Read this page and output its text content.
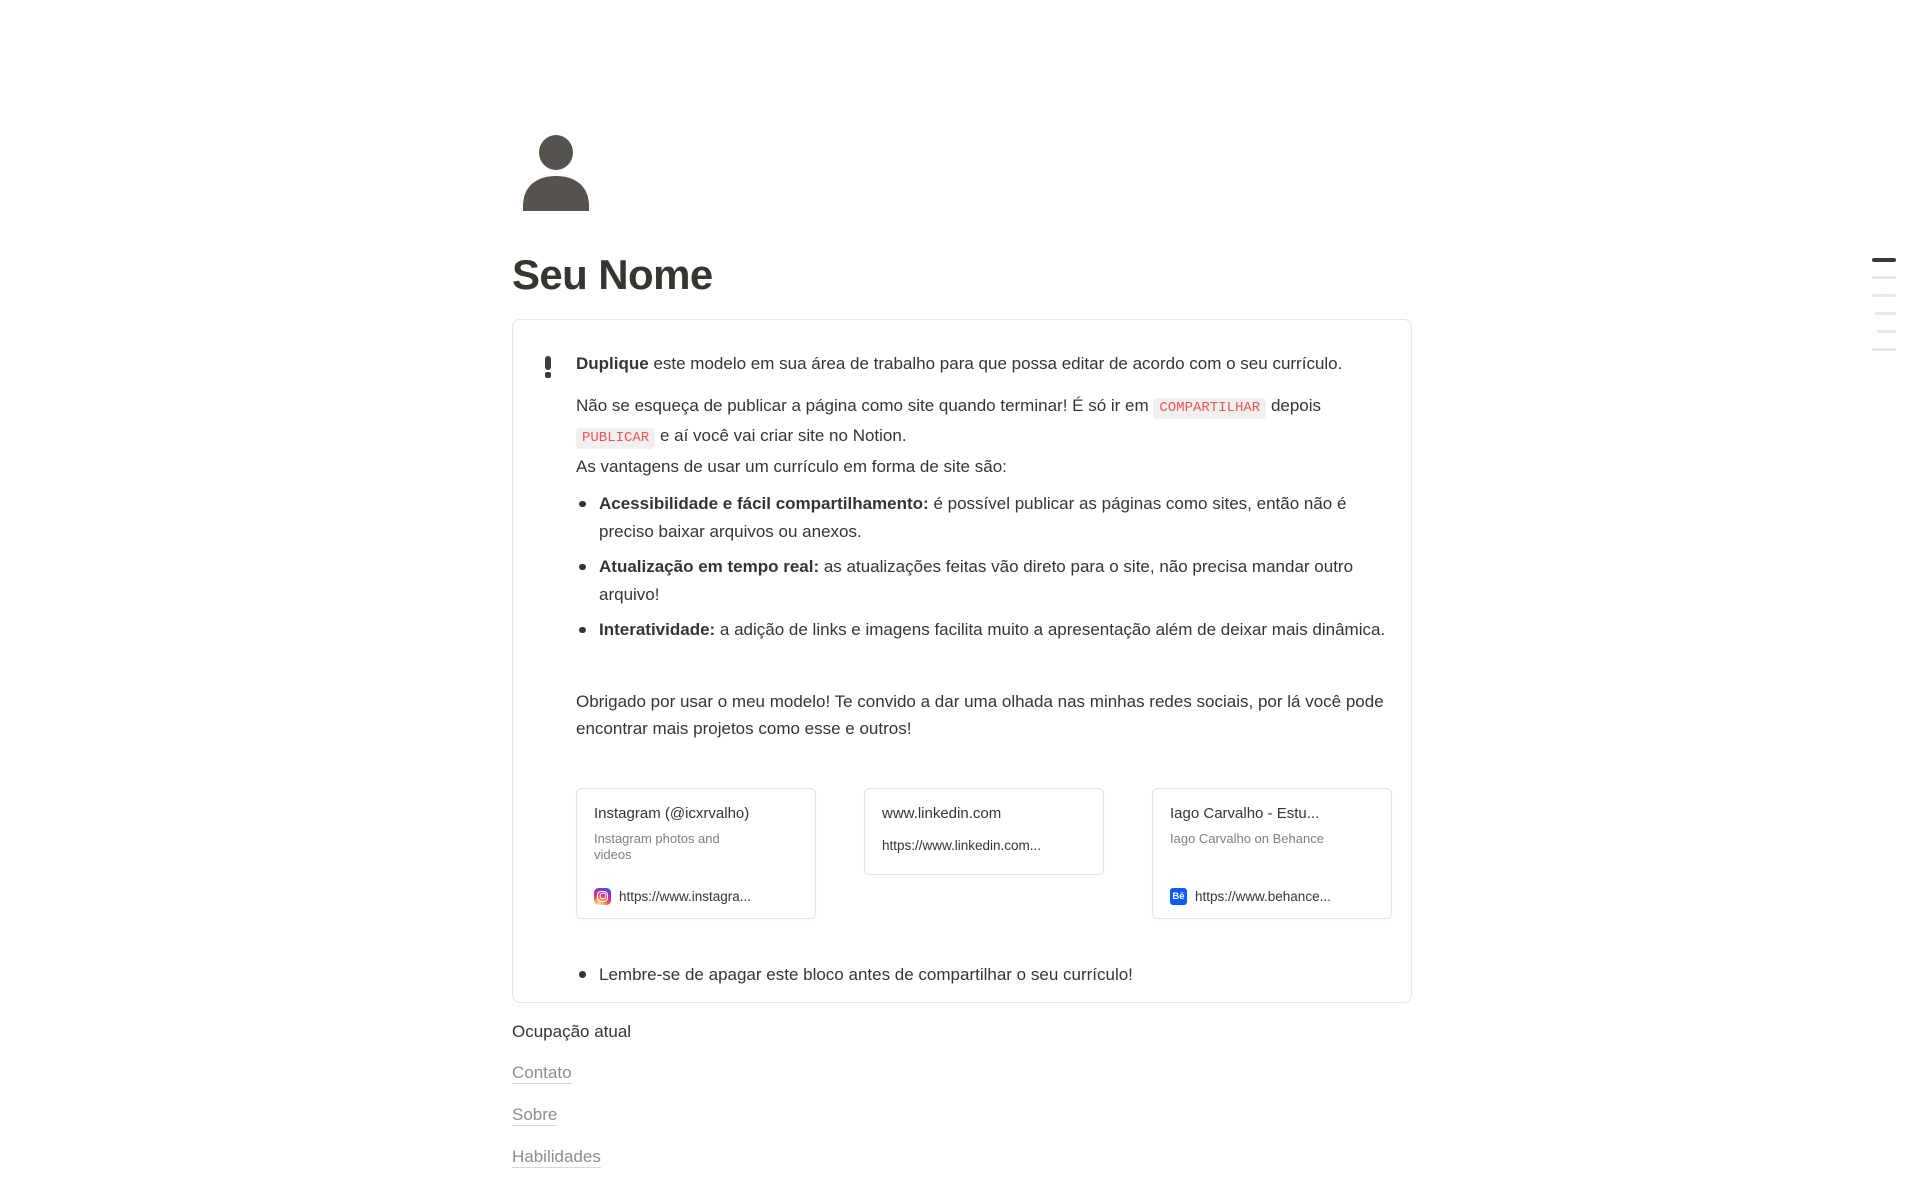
Seu Nome
Duplique este modelo em sua área de trabalho para que possa editar de acordo com o seu currículo.
Não se esqueça de publicar a página como site quando terminar! É só ir em COMPARTILHAR depois PUBLICAR e aí você vai criar site no Notion.
As vantagens de usar um currículo em forma de site são:
Acessibilidade e fácil compartilhamento: é possível publicar as páginas como sites, então não é preciso baixar arquivos ou anexos.
Atualização em tempo real: as atualizações feitas vão direto para o site, não precisa mandar outro arquivo!
Interatividade: a adição de links e imagens facilita muito a apresentação além de deixar mais dinâmica.
Obrigado por usar o meu modelo! Te convido a dar uma olhada nas minhas redes sociais, por lá você pode encontrar mais projetos como esse e outros!
Instagram (@icxrvalho)
Instagram photos and videos
https://www.instagra...
www.linkedin.com
https://www.linkedin.com...
Iago Carvalho - Estu...
Iago Carvalho on Behance
Bē https://www.behance...
Lembre-se de apagar este bloco antes de compartilhar o seu currículo!
Ocupação atual
Contato
Sobre
Habilidades
